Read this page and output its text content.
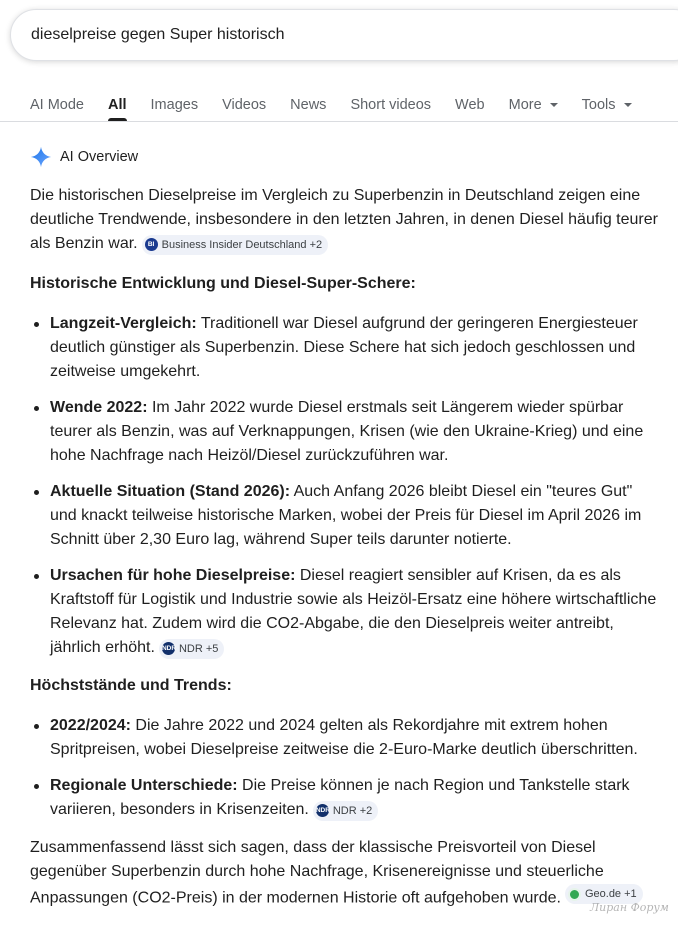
dieselpreise gegen Super historisch
AI Mode All Images Videos News Short videos Web More	Tools
AI Overview

Die historischen Dieselpreise im Vergleich zu Superbenzin in Deutschland zeigen eine deutliche Trendwende, insbesondere in den letzten Jahren, in denen Diesel häufig teurer als Benzin war.	BI Business Insider Deutschland +2

Historische Entwicklung und Diesel-Super-Schere:
Langzeit-Vergleich: Traditionell war Diesel aufgrund der geringeren Energiesteuer deutlich günstiger als Superbenzin. Diese Schere hat sich jedoch geschlossen und zeitweise umgekehrt.
Wende 2022: Im Jahr 2022 wurde Diesel erstmals seit Längerem wieder spürbar teurer als Benzin, was auf Verknappungen, Krisen (wie den Ukraine-Krieg) und eine hohe Nachfrage nach Heizöl/Diesel zurückzuführen war.
Aktuelle Situation (Stand 2026): Auch Anfang 2026 bleibt Diesel ein "teures Gut" und knackt teilweise historische Marken, wobei der Preis für Diesel im April 2026 im Schnitt über 2,30 Euro lag, während Super teils darunter notierte.
Ursachen für hohe Dieselpreise: Diesel reagiert sensibler auf Krisen, da es als Kraftstoff für Logistik und Industrie sowie als Heizöl-Ersatz eine höhere wirtschaftliche Relevanz hat. Zudem wird die CO2-Abgabe, die den Dieselpreis weiter antreibt, jährlich erhöht. NDR NDR +5
Höchststände und Trends:
2022/2024: Die Jahre 2022 und 2024 gelten als Rekordjahre mit extrem hohen Spritpreisen, wobei Dieselpreise zeitweise die 2-Euro-Marke deutlich überschritten.
Regionale Unterschiede: Die Preise können je nach Region und Tankstelle stark variieren, besonders in Krisenzeiten. NDR NDR +2

Zusammenfassend lässt sich sagen, dass der klassische Preisvorteil von Diesel gegenüber Superbenzin durch hohe Nachfrage, Krisenereignisse und steuerliche Anpassungen (CO2-Preis) in der modernen Historie oft aufgehoben wurde. Geo.de +1

Лиран Форум
